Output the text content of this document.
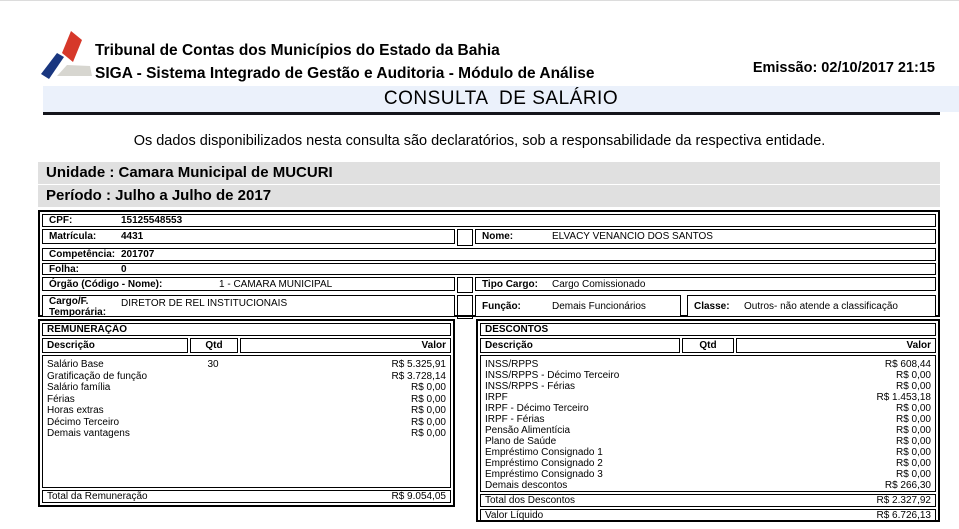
Tribunal de Contas dos Municípios do Estado da Bahia
SIGA - Sistema Integrado de Gestão e Auditoria - Módulo de Análise	Emissão: 02/10/2017 21:15
CONSULTA  DE SALÁRIO
Os dados disponibilizados nesta consulta são declaratórios, sob a responsabilidade da respectiva entidade.
Unidade : Camara Municipal de MUCURI
Período : Julho a Julho de 2017
CPF:	15125548553
Matrícula:	4431	Nome:	ELVACY VENANCIO DOS SANTOS
Competência: 201707
Folha:	0
Órgão (Código - Nome):	1 - CAMARA MUNICIPAL	Tipo Cargo:	Cargo Comissionado
Cargo/F.
Temporária:
DIRETOR DE REL INSTITUCIONAIS	Função:	Demais Funcionários	Classe:	Outros- não atende a classificação
REMUNERAÇÃO
Descrição	Qtd	Valor
Salário Base	30	R$ 5.325,91
Gratificação de função	R$ 3.728,14
Salário família	R$ 0,00
Férias	R$ 0,00
Horas extras	R$ 0,00
Décimo Terceiro	R$ 0,00
Demais vantagens	R$ 0,00
Total da Remuneração	R$ 9.054,05
DESCONTOS
Descrição	Qtd	Valor
INSS/RPPS	R$ 608,44
INSS/RPPS - Décimo Terceiro	R$ 0,00
INSS/RPPS - Férias	R$ 0,00
IRPF	R$ 1.453,18
IRPF - Décimo Terceiro	R$ 0,00
IRPF - Férias	R$ 0,00
Pensão Alimentícia	R$ 0,00
Plano de Saúde	R$ 0,00
Empréstimo Consignado 1	R$ 0,00
Empréstimo Consignado 2	R$ 0,00
Empréstimo Consignado 3	R$ 0,00
Demais descontos	R$ 266,30
Total dos Descontos	R$ 2.327,92
Valor Líquido	R$ 6.726,13
